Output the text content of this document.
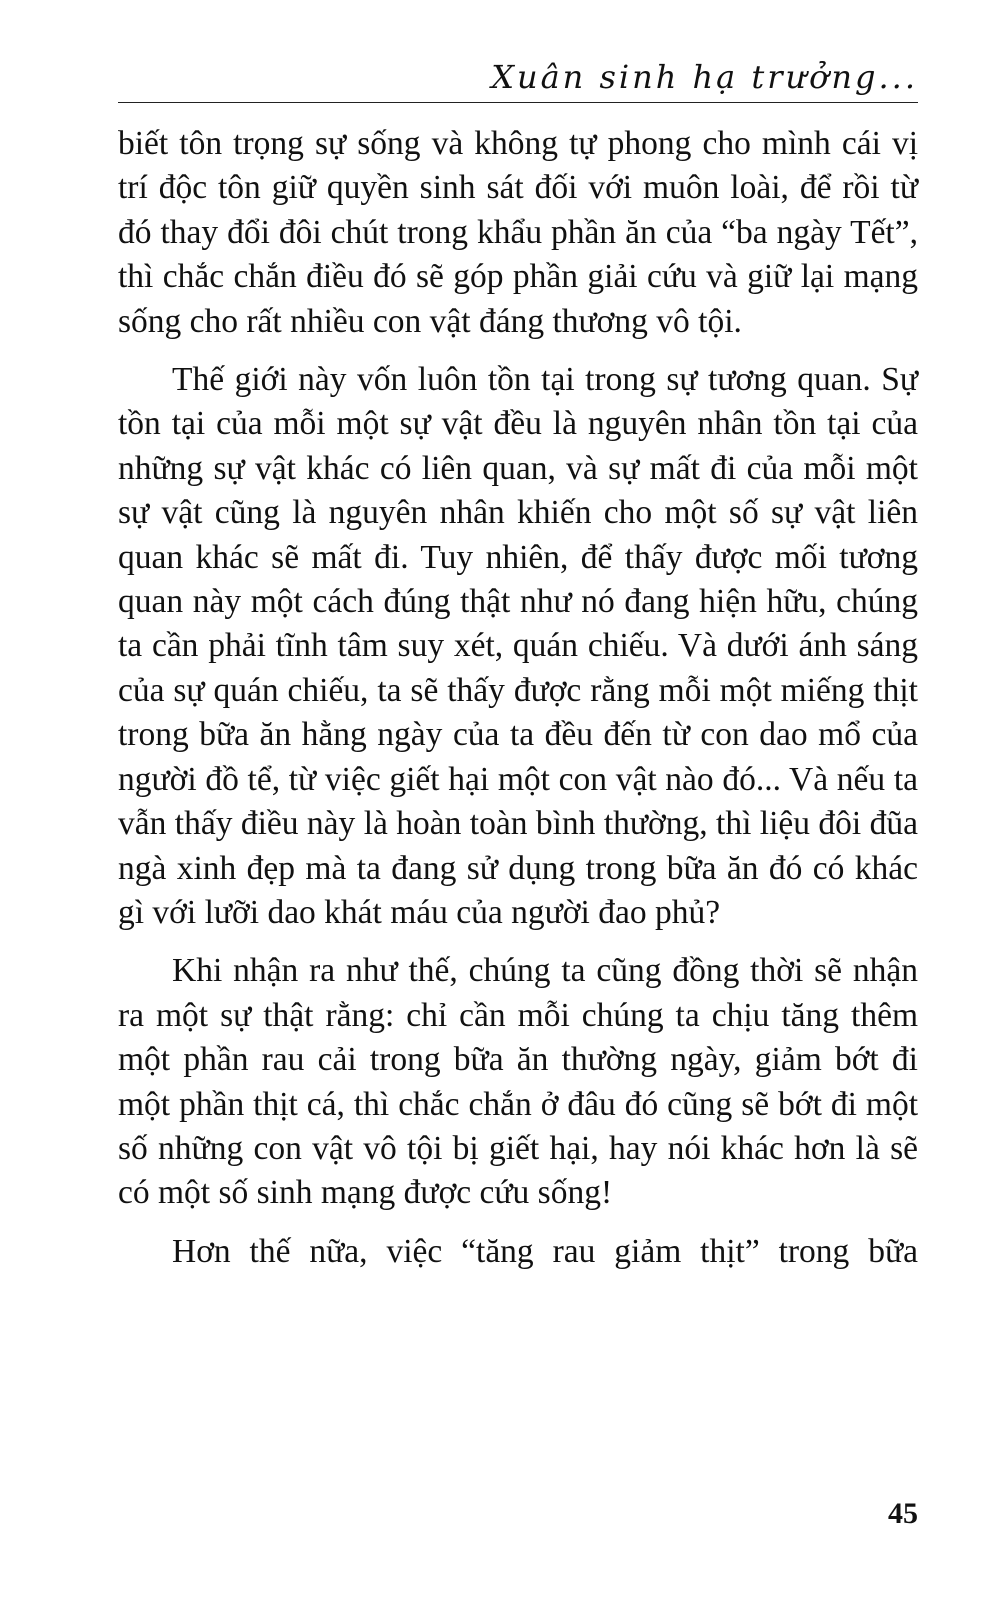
Xuân sinh hạ trưởng...

biết tôn trọng sự sống và không tự phong cho mình cái vị trí độc tôn giữ quyền sinh sát đối với muôn loài, để rồi từ đó thay đổi đôi chút trong khẩu phần ăn của “ba ngày Tết”, thì chắc chắn điều đó sẽ góp phần giải cứu và giữ lại mạng sống cho rất nhiều con vật đáng thương vô tội.

Thế giới này vốn luôn tồn tại trong sự tương quan. Sự tồn tại của mỗi một sự vật đều là nguyên nhân tồn tại của những sự vật khác có liên quan, và sự mất đi của mỗi một sự vật cũng là nguyên nhân khiến cho một số sự vật liên quan khác sẽ mất đi. Tuy nhiên, để thấy được mối tương quan này một cách đúng thật như nó đang hiện hữu, chúng ta cần phải tĩnh tâm suy xét, quán chiếu. Và dưới ánh sáng của sự quán chiếu, ta sẽ thấy được rằng mỗi một miếng thịt trong bữa ăn hằng ngày của ta đều đến từ con dao mổ của người đồ tể, từ việc giết hại một con vật nào đó... Và nếu ta vẫn thấy điều này là hoàn toàn bình thường, thì liệu đôi đũa ngà xinh đẹp mà ta đang sử dụng trong bữa ăn đó có khác gì với lưỡi dao khát máu của người đao phủ?

Khi nhận ra như thế, chúng ta cũng đồng thời sẽ nhận ra một sự thật rằng: chỉ cần mỗi chúng ta chịu tăng thêm một phần rau cải trong bữa ăn thường ngày, giảm bớt đi một phần thịt cá, thì chắc chắn ở đâu đó cũng sẽ bớt đi một số những con vật vô tội bị giết hại, hay nói khác hơn là sẽ có một số sinh mạng được cứu sống!

Hơn thế nữa, việc “tăng rau giảm thịt” trong bữa

45
